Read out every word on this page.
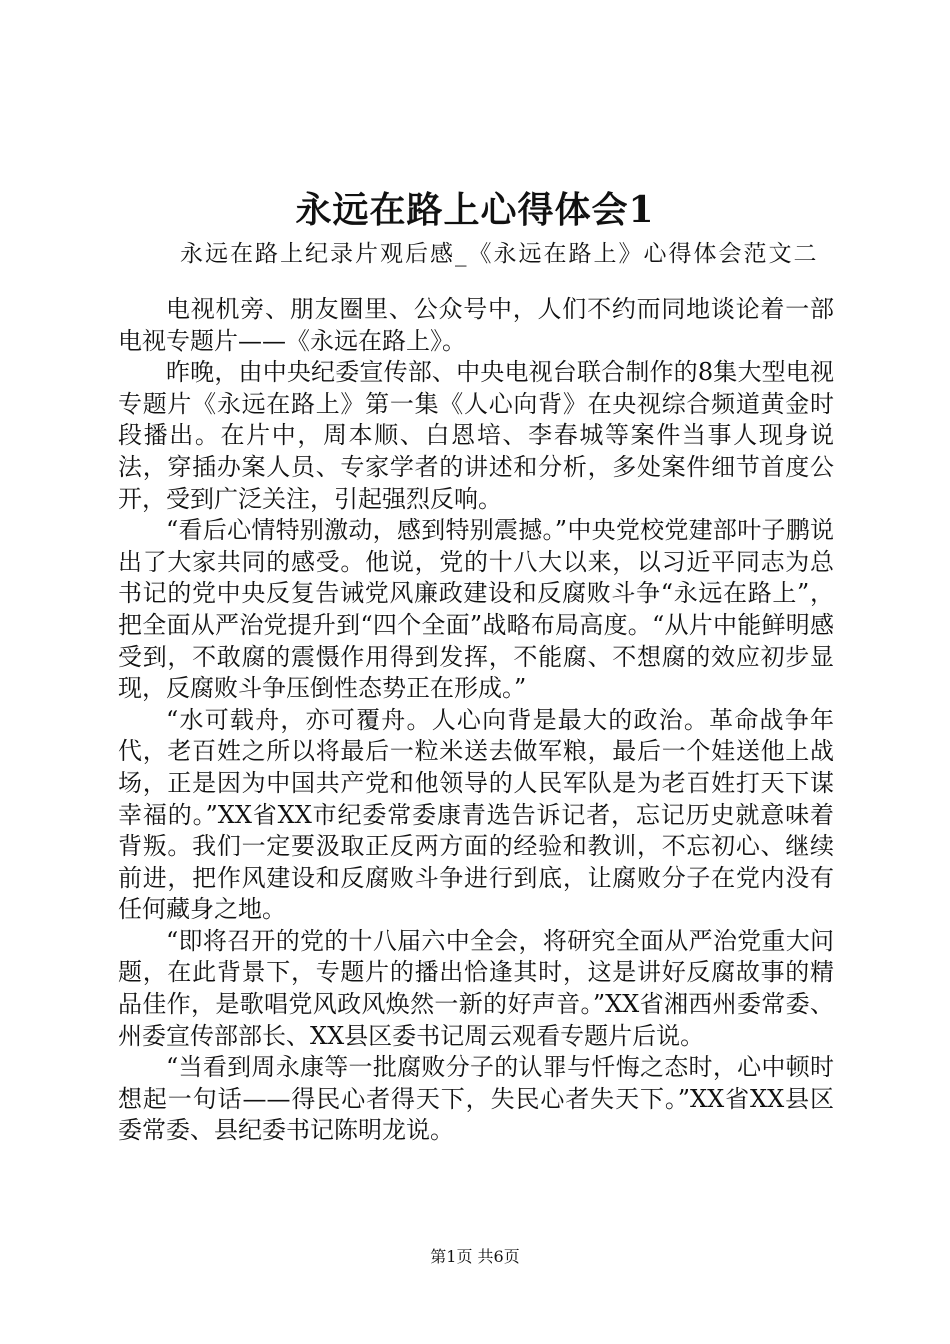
永远在路上心得体会1

永远在路上纪录片观后感_《永远在路上》心得体会范文二

电视机旁、朋友圈里、公众号中，人们不约而同地谈论着一部电视专题片——《永远在路上》。

昨晚，由中央纪委宣传部、中央电视台联合制作的8集大型电视专题片《永远在路上》第一集《人心向背》在央视综合频道黄金时段播出。在片中，周本顺、白恩培、李春城等案件当事人现身说法，穿插办案人员、专家学者的讲述和分析，多处案件细节首度公开，受到广泛关注，引起强烈反响。

“看后心情特别激动，感到特别震撼。”中央党校党建部叶子鹏说出了大家共同的感受。他说，党的十八大以来，以习近平同志为总书记的党中央反复告诫党风廉政建设和反腐败斗争“永远在路上”，把全面从严治党提升到“四个全面”战略布局高度。“从片中能鲜明感受到，不敢腐的震慑作用得到发挥，不能腐、不想腐的效应初步显现，反腐败斗争压倒性态势正在形成。”

“水可载舟，亦可覆舟。人心向背是最大的政治。革命战争年代，老百姓之所以将最后一粒米送去做军粮，最后一个娃送他上战场，正是因为中国共产党和他领导的人民军队是为老百姓打天下谋幸福的。”XX省XX市纪委常委康青选告诉记者，忘记历史就意味着背叛。我们一定要汲取正反两方面的经验和教训，不忘初心、继续前进，把作风建设和反腐败斗争进行到底，让腐败分子在党内没有任何藏身之地。

“即将召开的党的十八届六中全会，将研究全面从严治党重大问题，在此背景下，专题片的播出恰逢其时，这是讲好反腐故事的精品佳作，是歌唱党风政风焕然一新的好声音。”XX省湘西州委常委、州委宣传部部长、XX县区委书记周云观看专题片后说。

“当看到周永康等一批腐败分子的认罪与忏悔之态时，心中顿时想起一句话——得民心者得天下，失民心者失天下。”XX省XX县区委常委、县纪委书记陈明龙说。

第1页 共6页
